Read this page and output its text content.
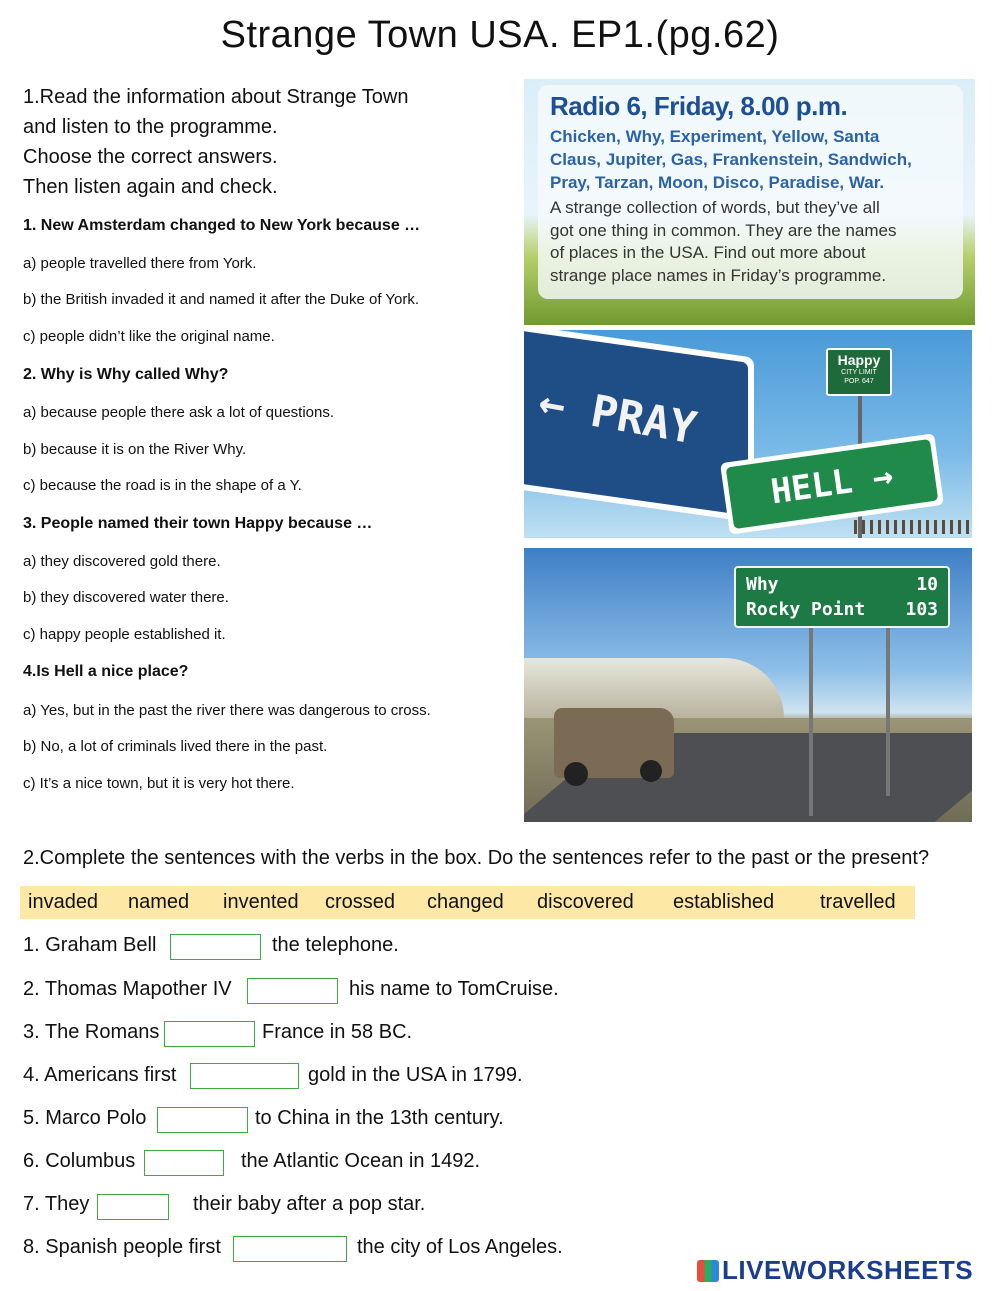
Strange Town USA. EP1.(pg.62)
1.Read the information about Strange Town
and listen to the programme.
Choose the correct answers.
Then listen again and check.
1. New Amsterdam changed to New York because …
a) people travelled there from York.
b) the British invaded it and named it after the Duke of York.
c) people didn’t like the original name.
2. Why is Why called Why?
a) because people there ask a lot of questions.
b) because it is on the River Why.
c) because the road is in the shape of a Y.
3. People named their town Happy because …
a) they discovered gold there.
b) they discovered water there.
c) happy people established it.
4.Is Hell a nice place?
a) Yes, but in the past the river there was dangerous to cross.
b) No, a lot of criminals lived there in the past.
c) It’s a nice town, but it is very hot there.
Radio 6, Friday, 8.00 p.m.
Chicken, Why, Experiment, Yellow, Santa
Claus, Jupiter, Gas, Frankenstein, Sandwich,
Pray, Tarzan, Moon, Disco, Paradise, War.
A strange collection of words, but they’ve all
got one thing in common. They are the names
of places in the USA. Find out more about
strange place names in Friday’s programme.
← PRAY
Happy
CITY LIMIT
POP. 647
HELL →
Why	10
Rocky Point 103
2.Complete the sentences with the verbs in the box. Do the sentences refer to the past or the present?
invaded named invented crossed changed discovered established travelled
1. Graham Bell	the telephone.
2. Thomas Mapother IV	his name to TomCruise.
3. The Romans	France in 58 BC.
4. Americans first	gold in the USA in 1799.
5. Marco Polo	to China in the 13th century.
6. Columbus	the Atlantic Ocean in 1492.
7. They	their baby after a pop star.
8. Spanish people first	the city of Los Angeles.
LIVEWORKSHEETS
